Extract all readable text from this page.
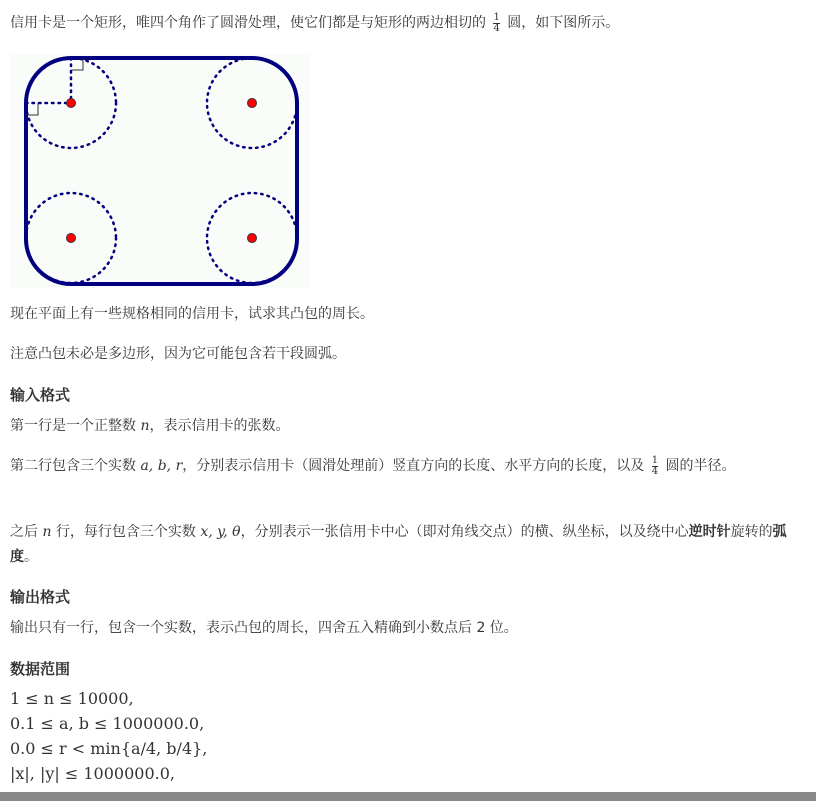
信用卡是一个矩形，唯四个角作了圆滑处理，使它们都是与矩形的两边相切的 $\frac{1}{4}$ 圆，如下图所示。

现在平面上有一些规格相同的信用卡，试求其凸包的周长。

注意凸包未必是多边形，因为它可能包含若干段圆弧。

输入格式

第一行是一个正整数 n，表示信用卡的张数。

第二行包含三个实数 a, b, r，分别表示信用卡（圆滑处理前）竖直方向的长度、水平方向的长度，以及 $\frac{1}{4}$ 圆的半径。

之后 n 行，每行包含三个实数 x, y, θ，分别表示一张信用卡中心（即对角线交点）的横、纵坐标，以及绕中心逆时针旋转的弧度。

输出格式

输出只有一行，包含一个实数，表示凸包的周长，四舍五入精确到小数点后 2 位。

数据范围

1 ≤ n ≤ 10000,

0.1 ≤ a, b ≤ 1000000.0,

0.0 ≤ r < min{a/4, b/4},

|x|, |y| ≤ 1000000.0,
